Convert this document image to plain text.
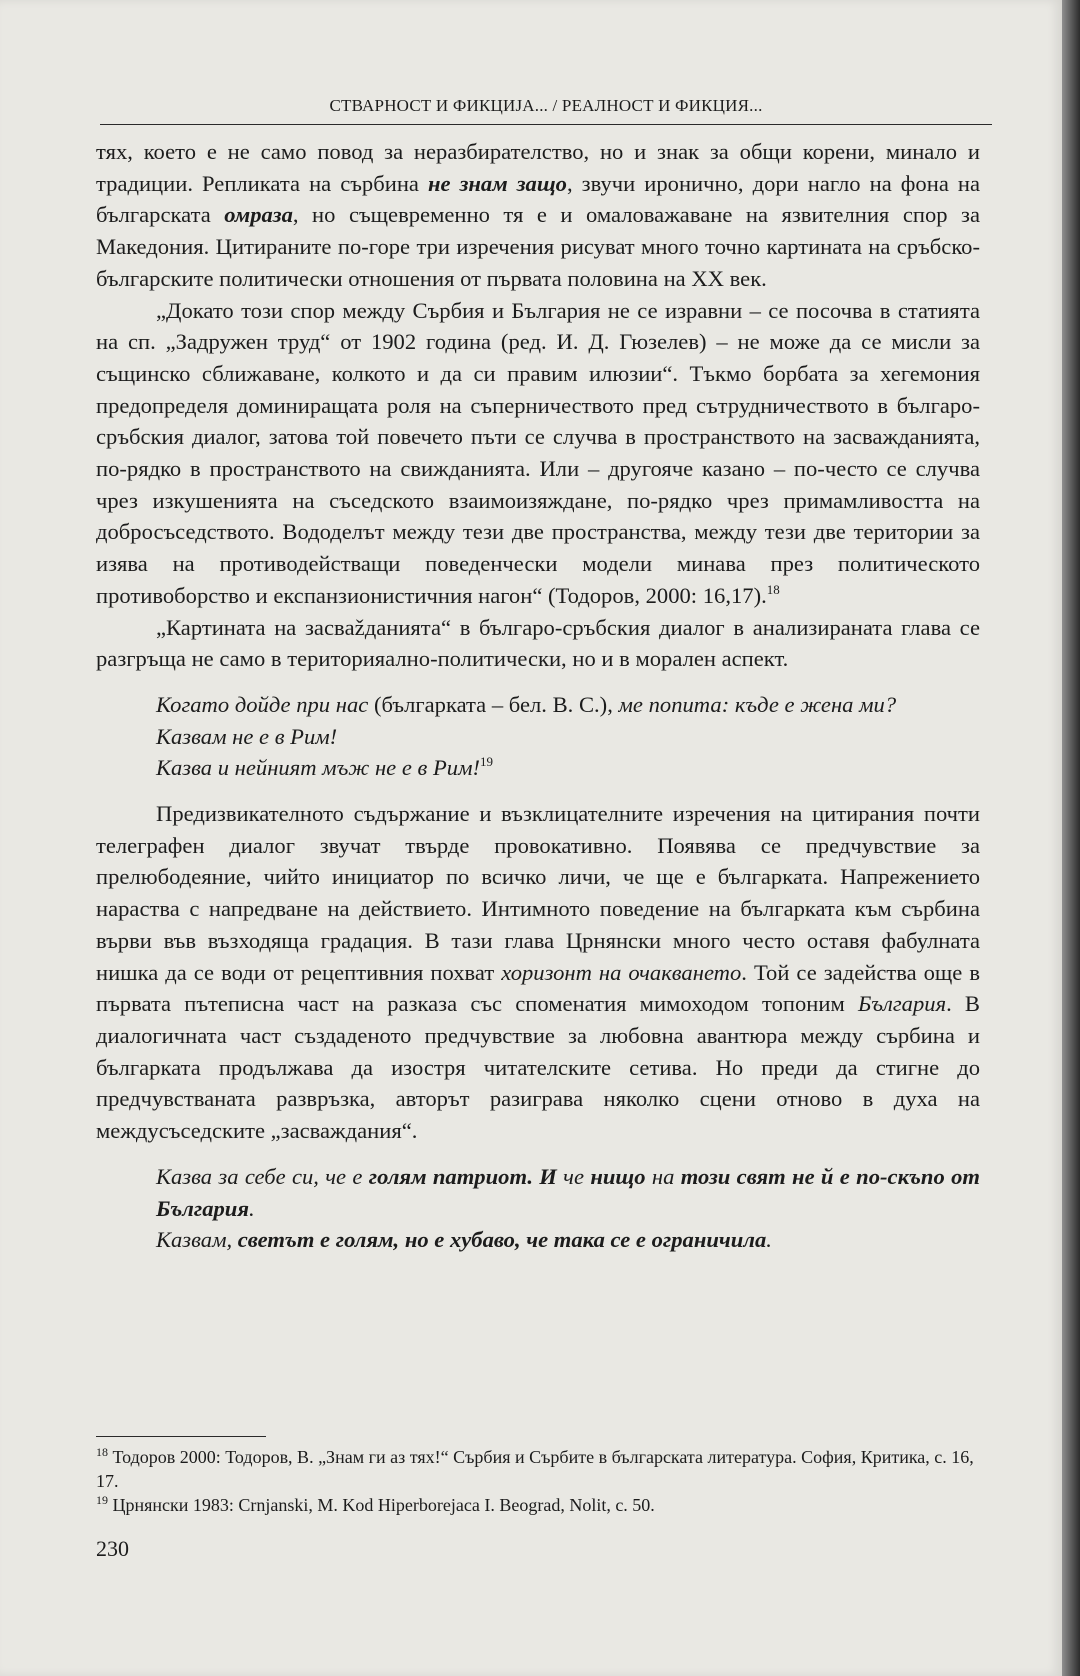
СТВАРНОСТ И ФИКЦИЈА... / РЕАЛНОСТ И ФИКЦИЯ...

тях, което е не само повод за неразбирателство, но и знак за общи корени, минало и традиции. Репликата на сърбина не знам защо, звучи иронично, дори нагло на фона на българската омраза, но същевременно тя е и омаловажаване на язвителния спор за Македония. Цитираните по-горе три изречения рисуват много точно картината на сръбско-българските политически отношения от първата половина на XX век.

„Докато този спор между Сърбия и България не се изравни – се посочва в статията на сп. „Задружен труд“ от 1902 година (ред. И. Д. Гюзелев) – не може да се мисли за същинско сближаване, колкото и да си правим илюзии“. Тъкмо борбата за хегемония предопределя доминиращата роля на съперничеството пред сътрудничеството в българо-сръбския диалог, затова той повечето пъти се случва в пространството на засважданията, по-рядко в пространството на свижданията. Или – другояче казано – по-често се случва чрез изкушенията на съседското взаимоизяждане, по-рядко чрез примамливостта на добросъседството. Вододелът между тези две пространства, между тези две територии за изява на противодействащи поведенчески модели минава през политическото противоборство и експанзионистичния нагон“ (Тодоров, 2000: 16,17).$^{18}$

„Картината на засвažданията“ в българо-сръбския диалог в анализираната глава се разгръща не само в територияално-политически, но и в морален аспект.

Когато дойде при нас (българката – бел. В. С.), ме попита: къде е жена ми?
Казвам не е в Рим!
Казва и нейният мъж не е в Рим!$^{19}$

Предизвикателното съдържание и възклицателните изречения на цитирания почти телеграфен диалог звучат твърде провокативно. Появява се предчувствие за прелюбодеяние, чийто инициатор по всичко личи, че ще е българката. Напрежението нараства с напредване на действието. Интимното поведение на българката към сърбина върви във възходяща градация. В тази глава Црнянски много често оставя фабулната нишка да се води от рецептивния похват хоризонт на очакването. Той се задейства още в първата пътеписна част на разказа със споменатия мимоходом топоним България. В диалогичната част създаденото предчувствие за любовна авантюра между сърбина и българката продължава да изостря читателските сетива. Но преди да стигне до предчувстваната развръзка, авторът разиграва няколко сцени отново в духа на междусъседските „засваждания“.

Казва за себе си, че е голям патриот. И че нищо на този свят не й е по-скъпо от България.
Казвам, светът е голям, но е хубаво, че така се е ограничила.

$^{18}$ Тодоров 2000: Тодоров, В. „Знам ги аз тях!“ Сърбия и Сърбите в българската литература. София, Критика, с. 16, 17.

$^{19}$ Црнянски 1983: Crnjanski, M. Kod Hiperborejaca I. Beograd, Nolit, c. 50.

230
